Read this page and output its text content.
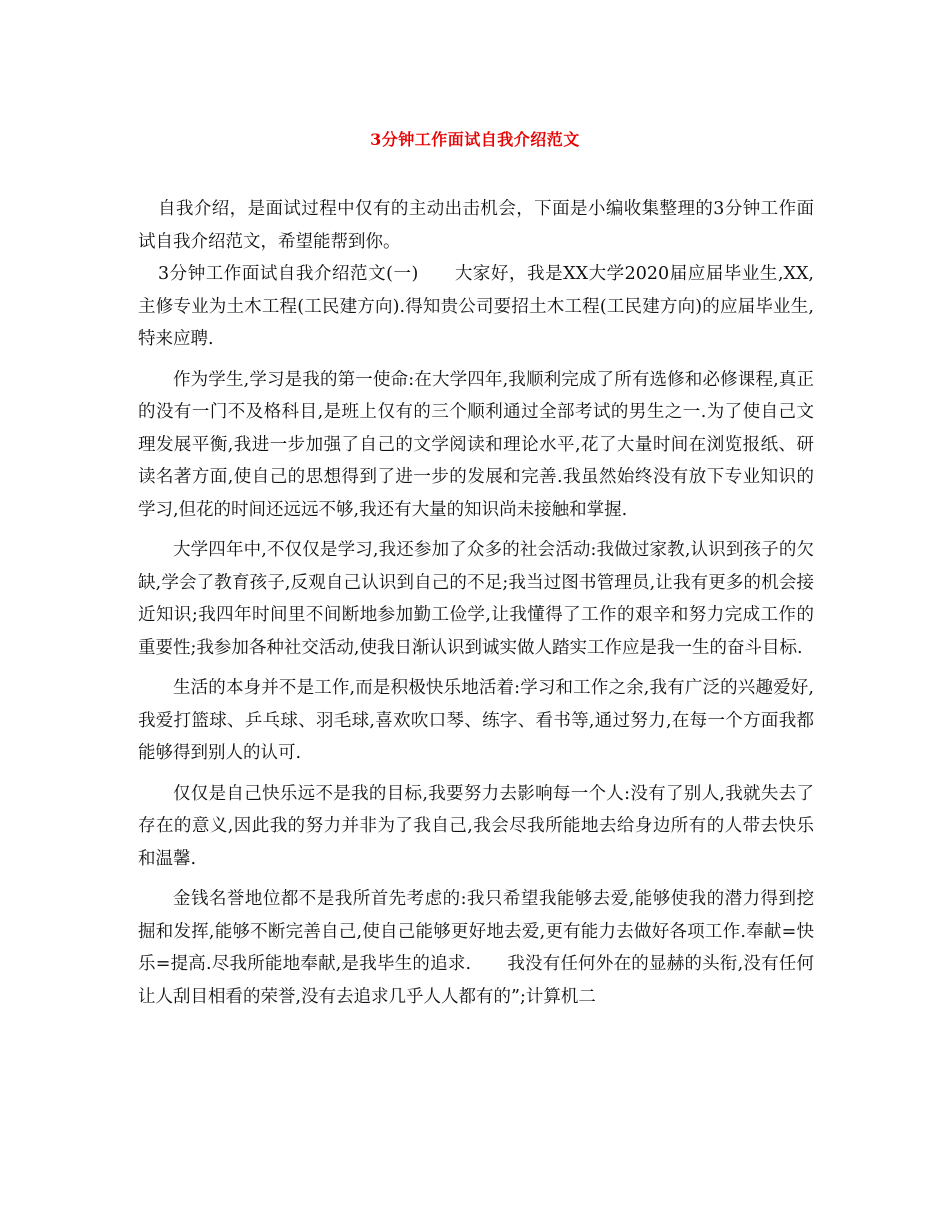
3分钟工作面试自我介绍范文

自我介绍，是面试过程中仅有的主动出击机会，下面是小编收集整理的3分钟工作面试自我介绍范文，希望能帮到你。

3分钟工作面试自我介绍范文(一) 大家好，我是XX大学2020届应届毕业生,XX,主修专业为土木工程(工民建方向).得知贵公司要招土木工程(工民建方向)的应届毕业生,特来应聘.

作为学生,学习是我的第一使命:在大学四年,我顺利完成了所有选修和必修课程,真正的没有一门不及格科目,是班上仅有的三个顺利通过全部考试的男生之一.为了使自己文理发展平衡,我进一步加强了自己的文学阅读和理论水平,花了大量时间在浏览报纸、研读名著方面,使自己的思想得到了进一步的发展和完善.我虽然始终没有放下专业知识的学习,但花的时间还远远不够,我还有大量的知识尚未接触和掌握.

大学四年中,不仅仅是学习,我还参加了众多的社会活动:我做过家教,认识到孩子的欠缺,学会了教育孩子,反观自己认识到自己的不足;我当过图书管理员,让我有更多的机会接近知识;我四年时间里不间断地参加勤工俭学,让我懂得了工作的艰辛和努力完成工作的重要性;我参加各种社交活动,使我日渐认识到诚实做人踏实工作应是我一生的奋斗目标.

生活的本身并不是工作,而是积极快乐地活着:学习和工作之余,我有广泛的兴趣爱好,我爱打篮球、乒乓球、羽毛球,喜欢吹口琴、练字、看书等,通过努力,在每一个方面我都能够得到别人的认可.

仅仅是自己快乐远不是我的目标,我要努力去影响每一个人:没有了别人,我就失去了存在的意义,因此我的努力并非为了我自己,我会尽我所能地去给身边所有的人带去快乐和温馨.

金钱名誉地位都不是我所首先考虑的:我只希望我能够去爱,能够使我的潜力得到挖掘和发挥,能够不断完善自己,使自己能够更好地去爱,更有能力去做好各项工作.奉献=快乐=提高.尽我所能地奉献,是我毕生的追求. 我没有任何外在的显赫的头衔,没有任何让人刮目相看的荣誉,没有去追求几乎人人都有的”;计算机二
